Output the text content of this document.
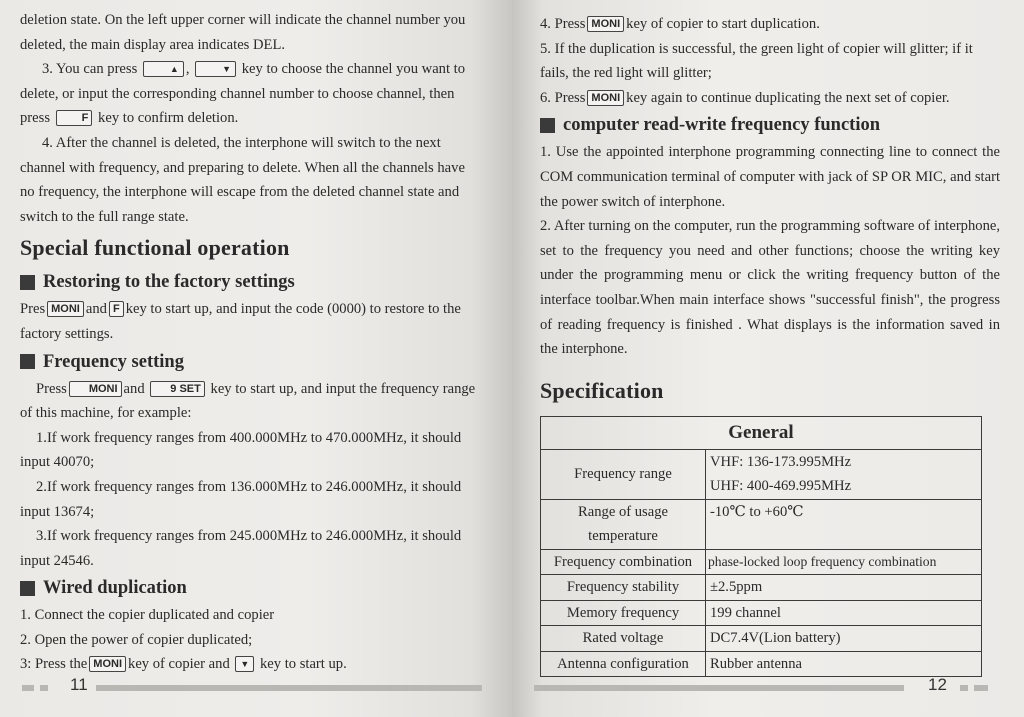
deletion state. On the left upper corner will indicate the channel number you deleted, the main display area indicates DEL.

3. You can press	▲ ,	▼ key to choose the channel you want to delete, or input the corresponding channel number to choose channel, then press	F key to confirm deletion.

4. After the channel is deleted, the interphone will switch to the next channel with frequency, and preparing to delete. When all the channels have no frequency, the interphone will escape from the deleted channel state and switch to the full range state.

Special functional operation
Restoring to the factory settings

Pres MONI and F key to start up, and input the code (0000) to restore to the factory settings.

Frequency setting

Press MONI and 9 SET key to start up, and input the frequency range of this machine, for example:

1.If work frequency ranges from 400.000MHz to 470.000MHz, it should input 40070;

2.If work frequency ranges from 136.000MHz to 246.000MHz, it should input 13674;

3.If work frequency ranges from 245.000MHz to 246.000MHz, it should input 24546.

Wired duplication

1. Connect the copier duplicated and copier

2. Open the power of copier duplicated;

3: Press the MONI key of copier and ▼ key to start up.

11

4. Press MONI key of copier to start duplication.

5. If the duplication is successful, the green light of copier will glitter; if it fails, the red light will glitter;

6. Press MONI key again to continue duplicating the next set of copier.

computer read-write frequency function

1. Use the appointed interphone programming connecting line to connect the COM communication terminal of computer with jack of SP OR MIC, and start the power switch of interphone.

2. After turning on the computer, run the programming software of interphone, set to the frequency you need and other functions; choose the writing key under the programming menu or click the writing frequency button of the interface toolbar.When main interface shows "successful finish", the progress of reading frequency is finished . What displays is the information saved in the interphone.

Specification
General	
Frequency range	VHF: 136-173.995MHz
UHF: 400-469.995MHz

Range of usage temperature	-10℃ to +60℃
Frequency combination	phase-locked loop frequency combination
Frequency stability	±2.5ppm
Memory frequency	199 channel
Rated voltage	DC7.4V(Lion battery)
Antenna configuration	Rubber antenna
12
